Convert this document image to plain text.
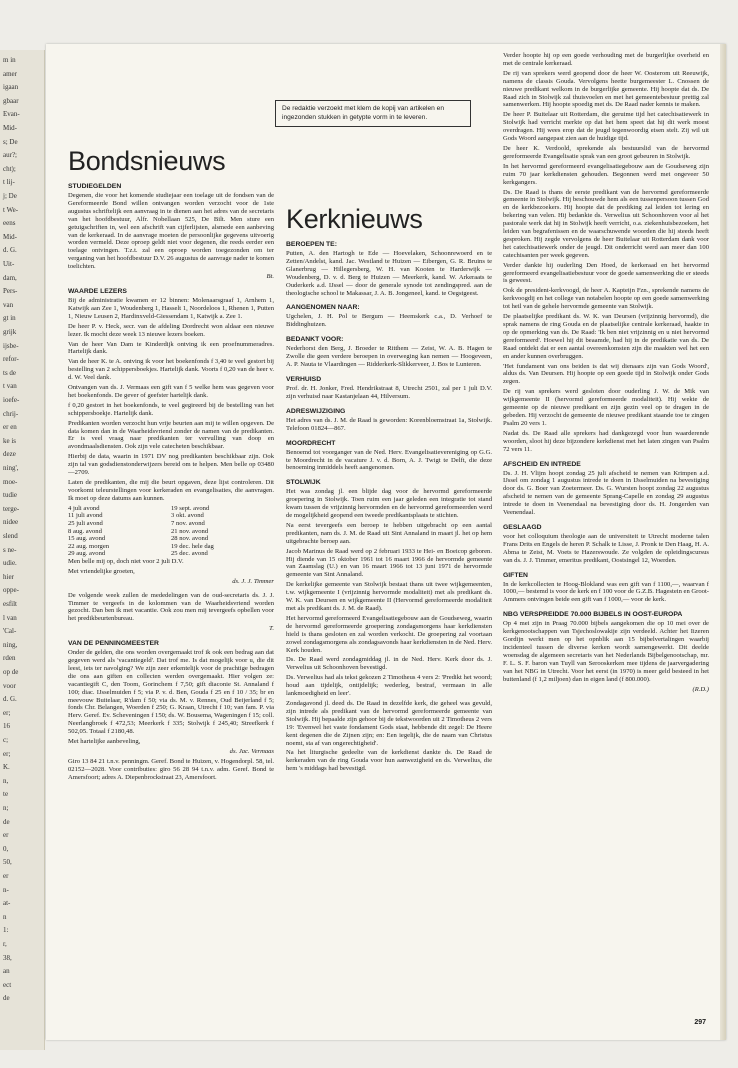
m in
amer
igaan
gbaar
Evan-
Mid-
s; De
aur?;
cht);
t lij-
j; De
t We-
eens
Mid-
d. G.
Uit-
dam,
Pers-
van
gt in
grijk
ijsbe-
refor-
ts de
t van
ioefe-
chrij-
er en
ke is
deze
ning',
moe-
tudie
terge-
nidee
slend
s ne-
udie.
hier
oppe-
esfilt
l van
'Cal-
ning,
rden
op de
voor
d. G.
er;
16
c;
er;
K.
n,
te
n;
de
er
0,
50,
er
n-
at-
n
1:
r,
38,
an
ect
de
De redaktie verzoekt met klem de kopij van artikelen en ingezonden stukken in getypte vorm in te leveren.
Bondsnieuws
STUDIEGELDEN

Degenen, die voor het komende studiejaar een toelage uit de fondsen van de Gereformeerde Bond willen ontvangen worden verzocht voor de 1ste augustus schriftelijk een aanvraag in te dienen aan het adres van de secretaris van het hoofdbestuur, Alfr. Nobellaan 525, De Bilt. Men sture een getuigschriften in, wel een afschrift van cijferlijsten, alsmede een aanbeving van de kerkeraad. In de aanvrage moeten de persoonlijke gegevens uitvoerig worden vermeld. Deze oproep geldt niet voor degenen, die reeds eerder een toelage ontvingen. T.z.t. zal een oproep worden toegezonden om ter verganing van het hoofdbestuur D.V. 26 augustus de aanvrage nader te komen toelichten.

Bt.

WAARDE LEZERS

Bij de administratie kwamen er 12 binnen: Molenaarsgraaf 1, Arnhem 1, Katwijk aan Zee 1, Woudenberg 1, Hasselt 1, Noordeloos 1, Rhenen 1, Putten 1, Nieuw Leusen 2, Hardinxveld-Giessendam 1, Katwijk a. Zee 1.

De heer P. v. Heck, secr. van de afdeling Dordrecht won aldaar een nieuwe lezer. Ik mocht deze week 13 nieuwe lezers boeken.

Van de heer Van Dam te Kinderdijk ontving ik een proefnummeradres. Hartelijk dank.

Van de heer K. te A. ontving ik voor het boekenfonds f 3,40 te veel gestort bij bestelling van 2 schippersboekjes. Hartelijk dank. Voorts f 0,20 van de heer v. d. W. Veel dank.

Ontvangen van ds. J. Vermaas een gift van f 5 welke hem was gegeven voor het boekenfonds. De gever of geefster hartelijk dank.

f 0,20 gestort in het boekenfonds, te veel gegireerd bij de bestelling van het schippersboekje. Hartelijk dank.

Predikanten worden verzocht hun vrije beurten aan mij te willen opgeven. De data komen dan in de Waarheidsvriend zonder de namen van de predikanten. Er is veel vraag naar predikanten ter vervulling van doop en avondmaalsdiensten. Ook zijn vele catecheten beschikbaar.

Hierbij de data, waarin in 1971 DV nog predikanten beschikbaar zijn. Ook zijn tal van godsdienstonderwijzers bereid om te helpen. Men belle op 03480—2709.

Laten de predikanten, die mij die beurt opgaven, deze lijst controleren. Dit voorkomt teleurstellingen voor kerkeraden en evangelisaties, die aanvragen. Ik moet op deze datums aan kunnen.

4 juli avond	19 sept. avond
11 juli avond	3 okt. avond
25 juli avond	7 nov. avond
8 aug. avond	21 nov. avond
15 aug. avond	28 nov. avond
22 aug. morgen	19 dec. hele dag
29 aug. avond	25 dec. avond

Men belle mij op, doch niet voor 2 juli D.V.

Met vriendelijke groeten,

ds. J. J. Timmer

De volgende week zullen de mededelingen van de oud-secretaris ds. J. J. Timmer te vergeefs in de kolommen van de Waarheidsvriend worden gezocht. Dan ben ik met vacantie. Ook zou men mij tevergeefs opbellen voor het predikbeurtenbureau.

T.

VAN DE PENNINGMEESTER

Onder de gelden, die ons worden overgemaakt trof ik ook een bedrag aan dat gegeven werd als 'vacantiegeld'. Dat trof me. Is dat mogelijk voor u, die dit leest, iets ter navolging? We zijn zeer erkentelijk voor de prachtige bedragen die ons aan giften en collecten werden overgemaakt. Hier volgen ze: vacantiegift C, den Toom, Gorinchem f 7,50; gift diaconie St. Annaland f 100; diac. IJsselmuiden f 5; via P. v. d. Ben, Gouda f 25 en f 10 / 35; br en meevouw Buitelaar, R'dam f 50; via ds. M. v. Rennes, Oud Beijerland f 5; fonds Chr. Belangen, Woerden f 250; G. Kraan, Utrecht f 10; van fam. P. via Herv. Geref. Ev. Scheveningen f 150; ds. W. Bousema, Wageningen f 15; coll. Neerlangbroek f 472,53; Meerkerk f 335; Stolwijk f 245,40; Streefkerk f 502,05. Totaal f 2180,48.

Met hartelijke aanbeveling,

ds. Jac. Vermaas

Giro 13 84 21 t.n.v. penningm. Geref. Bond te Huizen, v. Hogendorpl. 58, tel. 02152—2028. Voor contributies: giro 56 28 94 t.n.v. adm. Geref. Bond te Amersfoort; adres A. Diepenbrockstraat 23, Amersfoort.

Kerknieuws
BEROEPEN TE:

Putten, A. den Hartogh te Ede — Hoevelaken, Schoonrewoerd en te Zetten/Andelst, kand. Jac. Westland te Huizen — Eibergen, G. R. Bruins te Glanerbrug — Hillegersberg, W. H. van Kooten te Harderwijk — Woudenberg, D. v. d. Berg te Huizen — Meerkerk, kand. W. Arkeraats te Ouderkerk a.d. IJssel — door de generale synode tot zendingspred. aan de theologische school te Makassar, J. A. B. Jongeneel, kand. te Oegstgeest.

AANGENOMEN NAAR:

Ugchelen, J. H. Pol te Bergum — Heemskerk c.a., D. Verhoef te Biddinghuizen.

BEDANKT VOOR:

Nederhorst den Berg, J. Broeder te Ritthem — Zeist, W. A. B. Hagen te Zwolle die geen verdere beroepen in overweging kan nemen — Hoogeveen, A. P. Nauta te Vlaardingen — Ridderkerk-Slikkerveer, J. Bos te Lunteren.

VERHUISD

Prof. dr. H. Jonker, Fred. Hendrikstraat 8, Utrecht 2501, zal per 1 juli D.V. zijn verhuisd naar Kastanjelaan 44, Hilversum.

ADRESWIJZIGING

Het adres van ds. J. M. de Raad is geworden: Korenbloemstraat 1a, Stolwijk. Telefoon 01824—867.

MOORDRECHT

Benoemd tot voorganger van de Ned. Herv. Evangelisatievereniging op G.G. te Moordrecht in de vacature J. v. d. Born, A. J. Twigt te Delft, die deze benoeming inmiddels heeft aangenomen.

STOLWIJK

Het was zondag jl. een blijde dag voor de hervormd gereformeerde groepering in Stolwijk. Toen ruim een jaar geleden een integratie tot stand kwam tussen de vrijzinnig hervormden en de hervormd gereformeerden werd de mogelijkheid geopend een tweede predikantsplaats te stichten.

Na eerst tevergeefs een beroep te hebben uitgebracht op een aantal predikanten, nam ds. J. M. de Raad uit Sint Annaland in maart jl. het op hem uitgebrachte beroep aan.

Jacob Marinus de Raad werd op 2 februari 1933 te Hei- en Boeicop geboren. Hij diende van 15 oktober 1961 tot 16 maart 1966 de hervormde gemeente van Zaamslag (U.) en van 16 maart 1966 tot 13 juni 1971 de hervormde gemeente van Sint Annaland.

De kerkelijke gemeente van Stolwijk bestaat thans uit twee wijkgemeenten, t.w. wijkgemeente I (vrijzinnig hervormde modaliteit) met als predikant ds. W. K. van Deursen en wijkgemeente II (Hervormd gereformeerde modaliteit met als predikant ds. J. M. de Raad).

Het hervormd gereformeerd Evangelisatiegebouw aan de Goudseweg, waarin de hervormd gereformeerde groepering zondagsmorgens haar kerkdiensten hield is thans gesloten en zal worden verkocht. De groepering zal voortaan zowel zondagsmorgens als zondagsavonds haar kerkdiensten in de Ned. Herv. Kerk houden.

Ds. De Raad werd zondagmiddag jl. in de Ned. Herv. Kerk door ds. J. Verwelius uit Schoonhoven bevestigd.

Ds. Verwelius had als tekst gekozen 2 Timotheus 4 vers 2: 'Predikt het woord; houd aan tijdelijk, ontijdelijk; wederleg, bestraf, vermaan in alle lankmoedigheid en leer'.

Zondagavond jl. deed ds. De Raad in dezelfde kerk, die geheel was gevuld, zijn intrede als predikant van de hervormd gereformeerde gemeente van Stolwijk. Hij bepaalde zijn gehoor bij de tekstwoorden uit 2 Timotheus 2 vers 19: 'Evenwel het vaste fondament Gods staat, hebbende dit zegel: De Heere kent degenen die de Zijnen zijn; en: Een iegelijk, die de naam van Christus noemt, sta af van ongerechtigheid'.

Na het liturgische gedeelte van de kerkdienst dankte ds. De Raad de kerkeraden van de ring Gouda voor hun aanwezigheid en ds. Verwelius, die hem 's middags had bevestigd.

Verder hoopte hij op een goede verhouding met de burgerlijke overheid en met de centrale kerkeraad.

De rij van sprekers werd geopend door de heer W. Oosterom uit Reeuwijk, namens de classis Gouda. Vervolgens heette burgemeester L. Cnossen de nieuwe predikant welkom in de burgerlijke gemeente. Hij hoopte dat ds. De Raad zich in Stolwijk zal thuisvoelen en met het gemeentebestuur prettig zal samenwerken. Hij hoopte spoedig met ds. De Raad nader kennis te maken.

De heer P. Buitelaar uit Rotterdam, die geruime tijd het catechisatiewerk in Stolwijk had verricht merkte op dat het hem speet dat hij dit werk moest overdragen. Hij wees erop dat de jeugd tegenwoordig eisen stelt. Zij wil uit Gods Woord aangepast zien aan de huidige tijd.

De heer K. Verdoold, sprekende als bestuurslid van de hervormd gereformeerde Evangelisatie sprak van een groot gebeuren in Stolwijk.

In het hervormd gereformeerd evangelisatiegebouw aan de Goudseweg zijn ruim 70 jaar kerkdiensten gehouden. Begonnen werd met ongeveer 50 kerkgangers.

Ds. De Raad is thans de eerste predikant van de hervormd gereformeerde gemeente in Stolwijk. Hij beschouwde hem als een tussenpersoon tussen God en de kerkbezoekers. Hij hoopte dat de prediking zal leiden tot lering en bekering van velen. Hij bedankte ds. Verwelius uit Schoonhoven voor al het pastorale werk dat hij in Stolwijk heeft verricht, o.a. ziekenhuisbezoeken, het leiden van begrafenissen en de waarschuwende woorden die hij steeds heeft gesproken. Hij zegde vervolgens de heer Buitelaar uit Rotterdam dank voor het catechisatiewerk onder de jeugd. Dit onderricht werd aan meer dan 100 catechisanten per week gegeven.

Verder dankte hij ouderling Den Hoed, de kerkeraad en het hervormd gereformeerd evangelisatiebestuur voor de goede samenwerking die er steeds is geweest.

Ook de president-kerkvoogd, de heer A. Kapteijn Fzn., sprekende namens de kerkvoogdij en het college van notabelen hoopte op een goede samenwerking tot heil van de gehele hervormde gemeente van Stolwijk.

De plaatselijke predikant ds. W. K. van Deursen (vrijzinnig hervormd), die sprak namens de ring Gouda en de plaatselijke centrale kerkeraad, haakte in op de opmerking van ds. De Raad: 'Ik ben niet vrijzinnig en u niet hervormd gereformeerd'. Hoewel hij dit beaamde, had hij in de predikatie van ds. De Raad ontdekt dat er een aantal overeenkomsten zijn die maakten wel het een en ander kunnen overbruggen.

'Het fundament van ons beiden is dat wij dienaars zijn van Gods Woord', aldus ds. Van Deursen. Hij hoopte op een goede tijd in Stolwijk onder Gods zegen.

De rij van sprekers werd gesloten door ouderling J. W. de Mik van wijkgemeente II (hervormd gereformeerde modaliteit). Hij wekte de gemeente op de nieuwe predikant en zijn gezin veel op te dragen in de gebeden. Hij verzocht de gemeente de nieuwe predikant staande toe te zingen Psalm 20 vers 1.

Nadat ds. De Raad alle sprekers had dankgezegd voor hun waarderende woorden, sloot hij deze bijzondere kerkdienst met het laten zingen van Psalm 72 vers 11.

AFSCHEID EN INTREDE

Ds. J. H. Vlijm hoopt zondag 25 juli afscheid te nemen van Krimpen a.d. IJssel om zondag 1 augustus intrede te doen in IJsselmuiden na bevestiging door ds. G. Boer van Zoetermeer. Ds. G. Wursten hoopt zondag 22 augustus afscheid te nemen van de gemeente Sprang-Capelle en zondag 29 augustus intrede te doen in Veenendaal na bevestiging door ds. H. Jongerden van Veenendaal.

GESLAAGD

voor het colloquium theologie aan de universiteit te Utrecht moderne talen Frans Drits en Engels de heren P. Schalk te Lisse, J. Pronk te Den Haag, H. A. Abma te Zeist, M. Voets te Hazerswoude. Ze volgden de opleidingscursus van ds. J. J. Timmer, emeritus predikant, Oostsingel 12, Woerden.

GIFTEN

In de kerkcollecten te Hoog-Blokland was een gift van f 1100,—, waarvan f 1000,— bestemd is voor de kerk en f 100 voor de G.Z.B. Hagestein en Groot-Ammers ontvingen beide een gift van f 1000,— voor de kerk.

NBG VERSPREIDDE 70.000 BIJBELS IN OOST-EUROPA

Op 4 mei zijn in Praag 70.000 bijbels aangekomen die op 10 mei over de kerkgenootschappen van Tsjechoslowakije zijn verdeeld. Achter het Iizeren Gordijn werkt men op het opnblik aan 15 bijbelvertalingen waarbij incidenteel tussen de diverse kerken wordt samengewerkt. Dit deelde woensdag de algemeen secretaris van het Nederlands Bijbelgenootschap, mr. F. L. S. F. baron van Tuyll van Serooskerken mee tijdens de jaarvergadering van het NBG in Utrecht. Voor het eerst (in 1970) is meer geld besteed in het buitenland (f 1,2 miljoen) dan in eigen land (f 800.000).

(R.D.)

297
